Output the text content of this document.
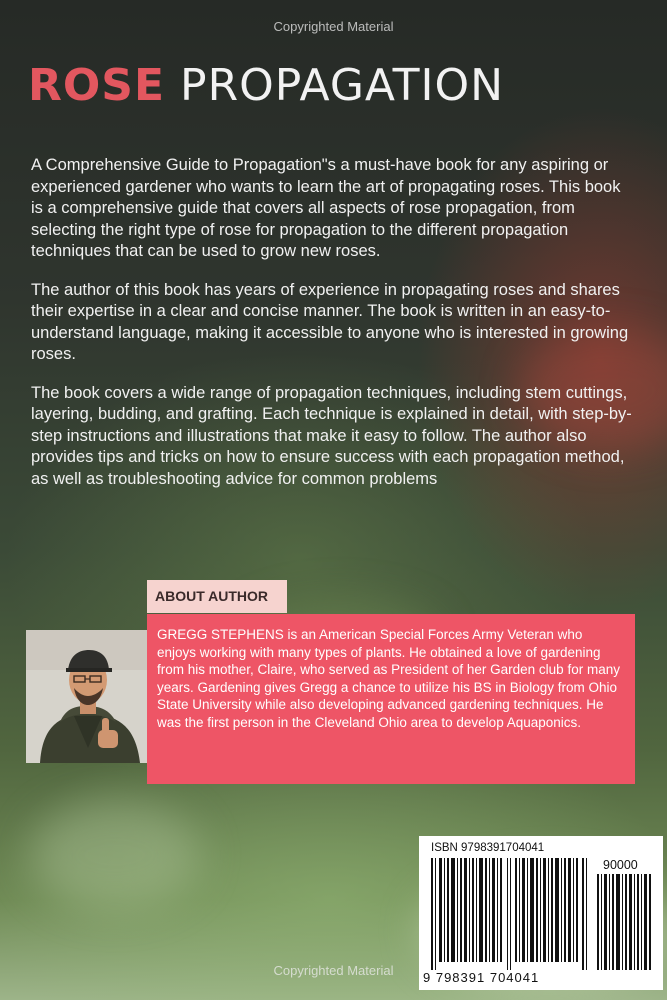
Copyrighted Material
ROSE PROPAGATION

A Comprehensive Guide to Propagation"s a must-have book for any aspiring or experienced gardener who wants to learn the art of propagating roses. This book is a comprehensive guide that covers all aspects of rose propagation, from selecting the right type of rose for propagation to the different propagation techniques that can be used to grow new roses.

The author of this book has years of experience in propagating roses and shares their expertise in a clear and concise manner. The book is written in an easy-to-understand language, making it accessible to anyone who is interested in growing roses.

The book covers a wide range of propagation techniques, including stem cuttings, layering, budding, and grafting. Each technique is explained in detail, with step-by-step instructions and illustrations that make it easy to follow. The author also provides tips and tricks on how to ensure success with each propagation method, as well as troubleshooting advice for common problems

ABOUT AUTHOR
GREGG STEPHENS is an American Special Forces Army Veteran who enjoys working with many types of plants. He obtained a love of gardening from his mother, Claire, who served as President of her Garden club for many years. Gardening gives Gregg a chance to utilize his BS in Biology from Ohio State University while also developing advanced gardening techniques. He was the first person in the Cleveland Ohio area to develop Aquaponics.
ISBN 9798391704041
90000
9 798391 704041
Copyrighted Material
